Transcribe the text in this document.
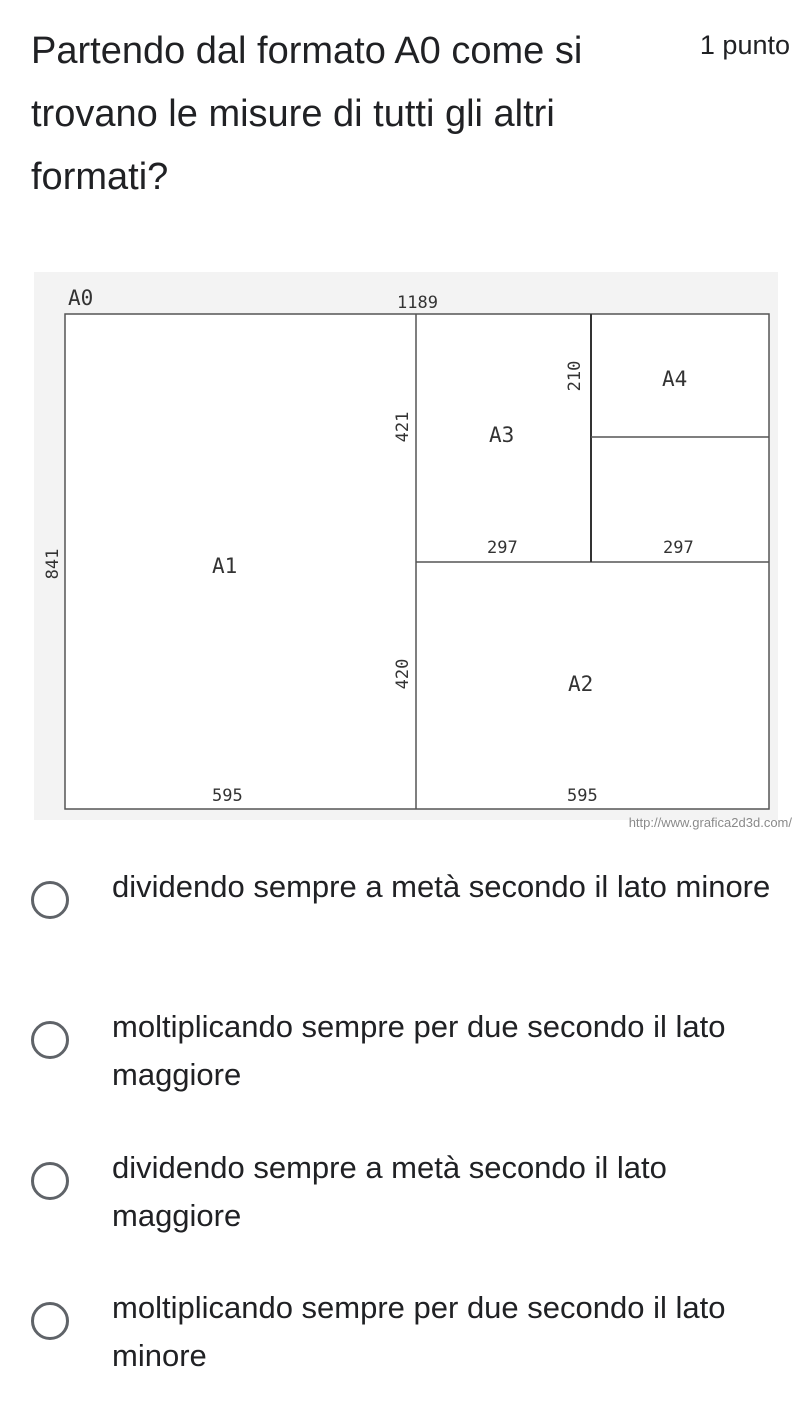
Partendo dal formato A0 come si trovano le misure di tutti gli altri formati?
1 punto
A0	1189
841	A1
595
421
420
A3
297
210	A4
297
A2
595
http://www.grafica2d3d.com/
dividendo sempre a metà secondo il lato minore
moltiplicando sempre per due secondo il lato maggiore
dividendo sempre a metà secondo il lato maggiore
moltiplicando sempre per due secondo il lato minore
